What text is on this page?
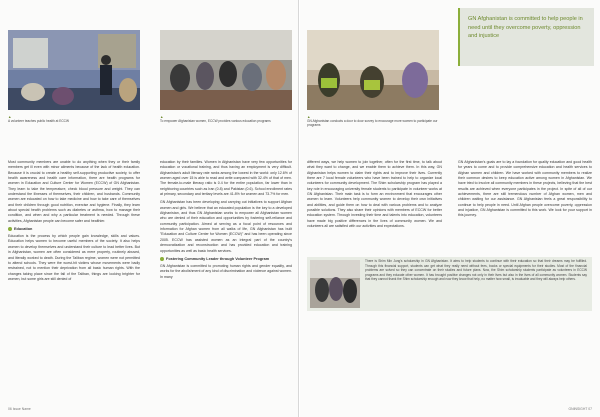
▲
A volunteer teaches public health at ECCW
▲
To empower Afghanistan women, ECCW provides various education programs
▲
GN Afghanistan conducts a door to door survey to encourage more women to participate our programs
GN Afghanistan is committed to help people in need until they overcome poverty, oppression and injustice

Most community members are unable to do anything when they or their family members get ill even with minor ailments because of the lack of health education. Because it is crucial to create a healthy self-supporting productive society, to offer health awareness and health care information, there are health programs for women in Education and Culture Center for Women (ECCW) of GN Afghanistan. They learn to take the temperature, check blood pressure and weight. They can understand the illnesses of themselves, their children, and husbands. Community women are educated on how to take medicine and how to take care of themselves and their children through good nutrition, exercise and hygiene. Finally, they learn about special health problems such as diabetes or asthma, how to manage their condition, and when and why a particular treatment is needed. Through these activities, Afghanistan people can become safer and healthier.

Education

Education is the process by which people gain knowledge, skills and values. Education helps women to become useful members of the society. It also helps women to develop themselves and understand their culture to lead better lives. But in Afghanistan, women are often considered as mere property, routinely abused, and literally worked to death. During the Taliban regime, women were not permitted to attend schools. They were the worst-hit victims whose movements were badly restrained, not to mention their deprivation from all basic human rights. With the changes taking place since the fall of the Taliban, things are looking brighter for women, but some girls are still denied of

education by their families. Women in Afghanistan have very few opportunities for education or vocational training, and thus having an employment is very difficult. Afghanistan's adult literacy rate ranks among the lowest in the world: only 12.6% of women aged over 15 is able to read and write compared with 32.4% of that of men. The female-to-male literacy ratio is 0.4 for the entire population, far lower than in neighboring countries such as Iran (0.8) and Pakistan (0.6). School enrollment rates at primary, secondary and tertiary levels are 41.8% for women and 73.7% for men.

GN Afghanistan has been developing and carrying out initiatives to support Afghan women and girls. We believe that an educated population is the key to a developed Afghanistan, and thus GN Afghanistan works to empower all Afghanistan women who are denied of their education and opportunities by fostering self-reliance and community participation. Aimed at serving as a focal point of resources and information for Afghan women from all walks of life, GN Afghanistan has built "Education and Culture Center for Women (ECCW)" and has been operating since 2005. ECCW has assisted women as an integral part of the country's democratization and reconstruction and has provided education and training opportunities as well as basic health services.

Fostering Community Leader through Volunteer Program

GN Afghanistan is committed to promoting human rights and gender equality, and works for the abolishment of any kind of discrimination and violence against women. In many

different ways, we help women to join together, often for the first time, to talk about what they want to change, and we enable them to achieve them. In this way, GN Afghanistan helps women to claim their rights and to improve their lives. Currently there are 7 local female volunteers who have been trained to help to organize local volunteers for community development. The Shim scholarship program has played a key role in encouraging university female students to participate in volunteer works at GN Afghanistan. Their main task is to form an environment that encourages other women to learn. Volunteers help community women to develop their own initiatives and abilities, and guide them on how to deal with various problems and to analyze possible solutions. They also share their opinions with members of ECCW for better education system. Through investing their time and talents into education, volunteers have made big positive differences in the lives of community women. We and volunteers all are satisfied with our activities and expectations.

GN Afghanistan's goals are to lay a foundation for quality education and good health for years to come and to provide comprehensive education and health services to Afghan women and children. We have worked with community members to realize their common desires to keep education active among women in Afghanistan. We have tried to involve all community members in these projects, believing that the best results are achieved when everyone participates in the project. In spite of all of our achievements, there are still tremendous number of Afghan women, men and children waiting for our assistance. GN Afghanistan feels a great responsibility to continue to help people in need. Until Afghan people overcome poverty, oppression and injustice, GN Afghanistan is committed to this work. We look for your support in this journey.

There is Shim Min Jung's scholarship in GN Afghanistan. It aims to help students to continue with their education so that their dreams may be fulfilled. Through this financial support, students can get what they really need without fees, books or special equipments for their studies. Most of the financial problems are solved so they can concentrate on their studies and future plans. Now, the Shim scholarship students participate as volunteers in ECCW programs and they educate other women. It has brought positive changes not only in their lives but also in the lives of all community women. Students say that they cannot thank the Shim scholarship enough and now they know that help, no matter how small, is invaluable and they will always help others.
06 Issue Name	GNINSIGHT 07
